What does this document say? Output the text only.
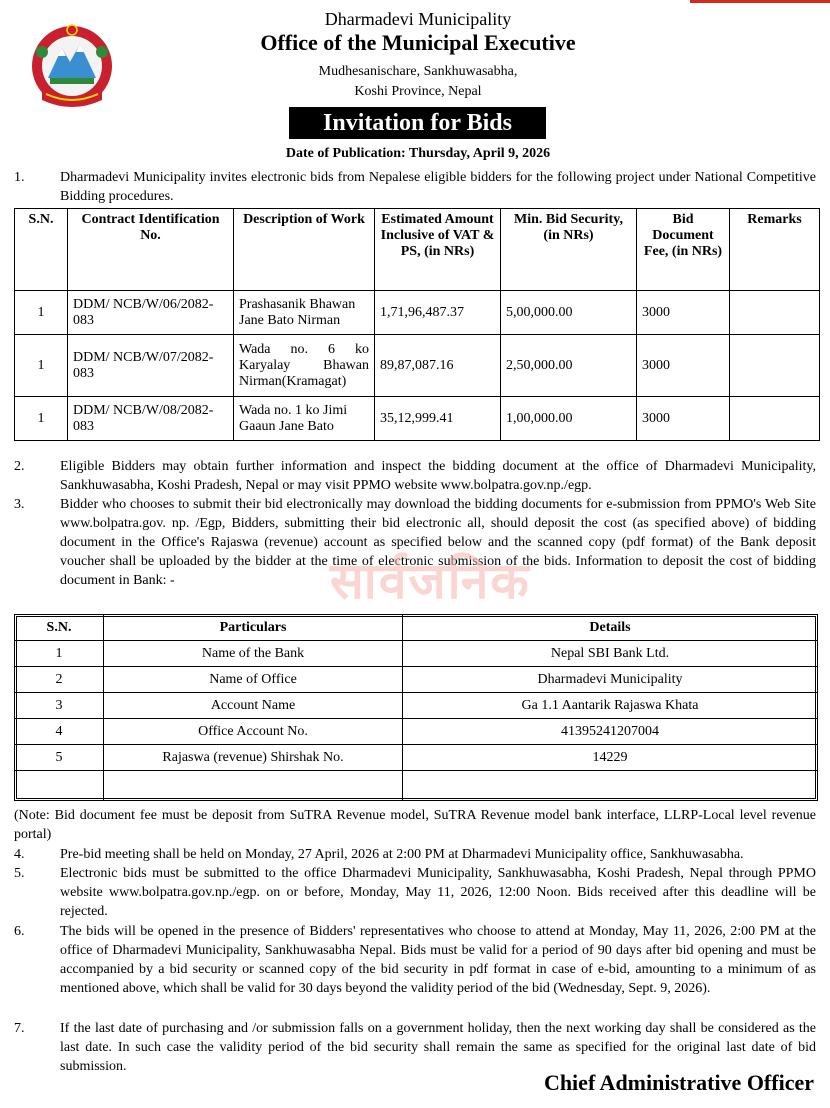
Dharmadevi Municipality
Office of the Municipal Executive
Mudhesanischare, Sankhuwasabha,
Koshi Province, Nepal
Invitation for Bids
Date of Publication: Thursday, April 9, 2026
1.	Dharmadevi Municipality invites electronic bids from Nepalese eligible bidders for the following project under National Competitive Bidding procedures.
S.N.	Contract Identification No.	Description of Work	Estimated Amount Inclusive of VAT & PS, (in NRs)	Min. Bid Security, (in NRs)	Bid Document Fee, (in NRs)	Remarks
1	DDM/ NCB/W/06/2082-083	Prashasanik Bhawan Jane Bato Nirman	1,71,96,487.37	5,00,000.00	3000	
1	DDM/ NCB/W/07/2082-083	Wada no. 6 ko Karyalay Bhawan Nirman(Kramagat)	89,87,087.16	2,50,000.00	3000	
1	DDM/ NCB/W/08/2082-083	Wada no. 1 ko Jimi Gaaun Jane Bato	35,12,999.41	1,00,000.00	3000	
2.	Eligible Bidders may obtain further information and inspect the bidding document at the office of Dharmadevi Municipality, Sankhuwasabha, Koshi Pradesh, Nepal or may visit PPMO website www.bolpatra.gov.np./egp.
3.	Bidder who chooses to submit their bid electronically may download the bidding documents for e-submission from PPMO's Web Site www.bolpatra.gov. np. /Egp, Bidders, submitting their bid electronic all, should deposit the cost (as specified above) of bidding document in the Office's Rajaswa (revenue) account as specified below and the scanned copy (pdf format) of the Bank deposit voucher shall be uploaded by the bidder at the time of electronic submission of the bids. Information to deposit the cost of bidding document in Bank: -	सार्वजनिक
S.N.	Particulars	Details
1	Name of the Bank	Nepal SBI Bank Ltd.
2	Name of Office	Dharmadevi Municipality
3	Account Name	Ga 1.1 Aantarik Rajaswa Khata
4	Office Account No.	41395241207004
5	Rajaswa (revenue) Shirshak No.	14229

(Note: Bid document fee must be deposit from SuTRA Revenue model, SuTRA Revenue model bank interface, LLRP-Local level revenue portal)
4.	Pre-bid meeting shall be held on Monday, 27 April, 2026 at 2:00 PM at Dharmadevi Municipality office, Sankhuwasabha.
5.	Electronic bids must be submitted to the office Dharmadevi Municipality, Sankhuwasabha, Koshi Pradesh, Nepal through PPMO website www.bolpatra.gov.np./egp. on or before, Monday, May 11, 2026, 12:00 Noon. Bids received after this deadline will be rejected.
6.	The bids will be opened in the presence of Bidders' representatives who choose to attend at Monday, May 11, 2026, 2:00 PM at the office of Dharmadevi Municipality, Sankhuwasabha Nepal. Bids must be valid for a period of 90 days after bid opening and must be accompanied by a bid security or scanned copy of the bid security in pdf format in case of e-bid, amounting to a minimum of as mentioned above, which shall be valid for 30 days beyond the validity period of the bid (Wednesday, Sept. 9, 2026).
7.	If the last date of purchasing and /or submission falls on a government holiday, then the next working day shall be considered as the last date. In such case the validity period of the bid security shall remain the same as specified for the original last date of bid submission.
Chief Administrative Officer
